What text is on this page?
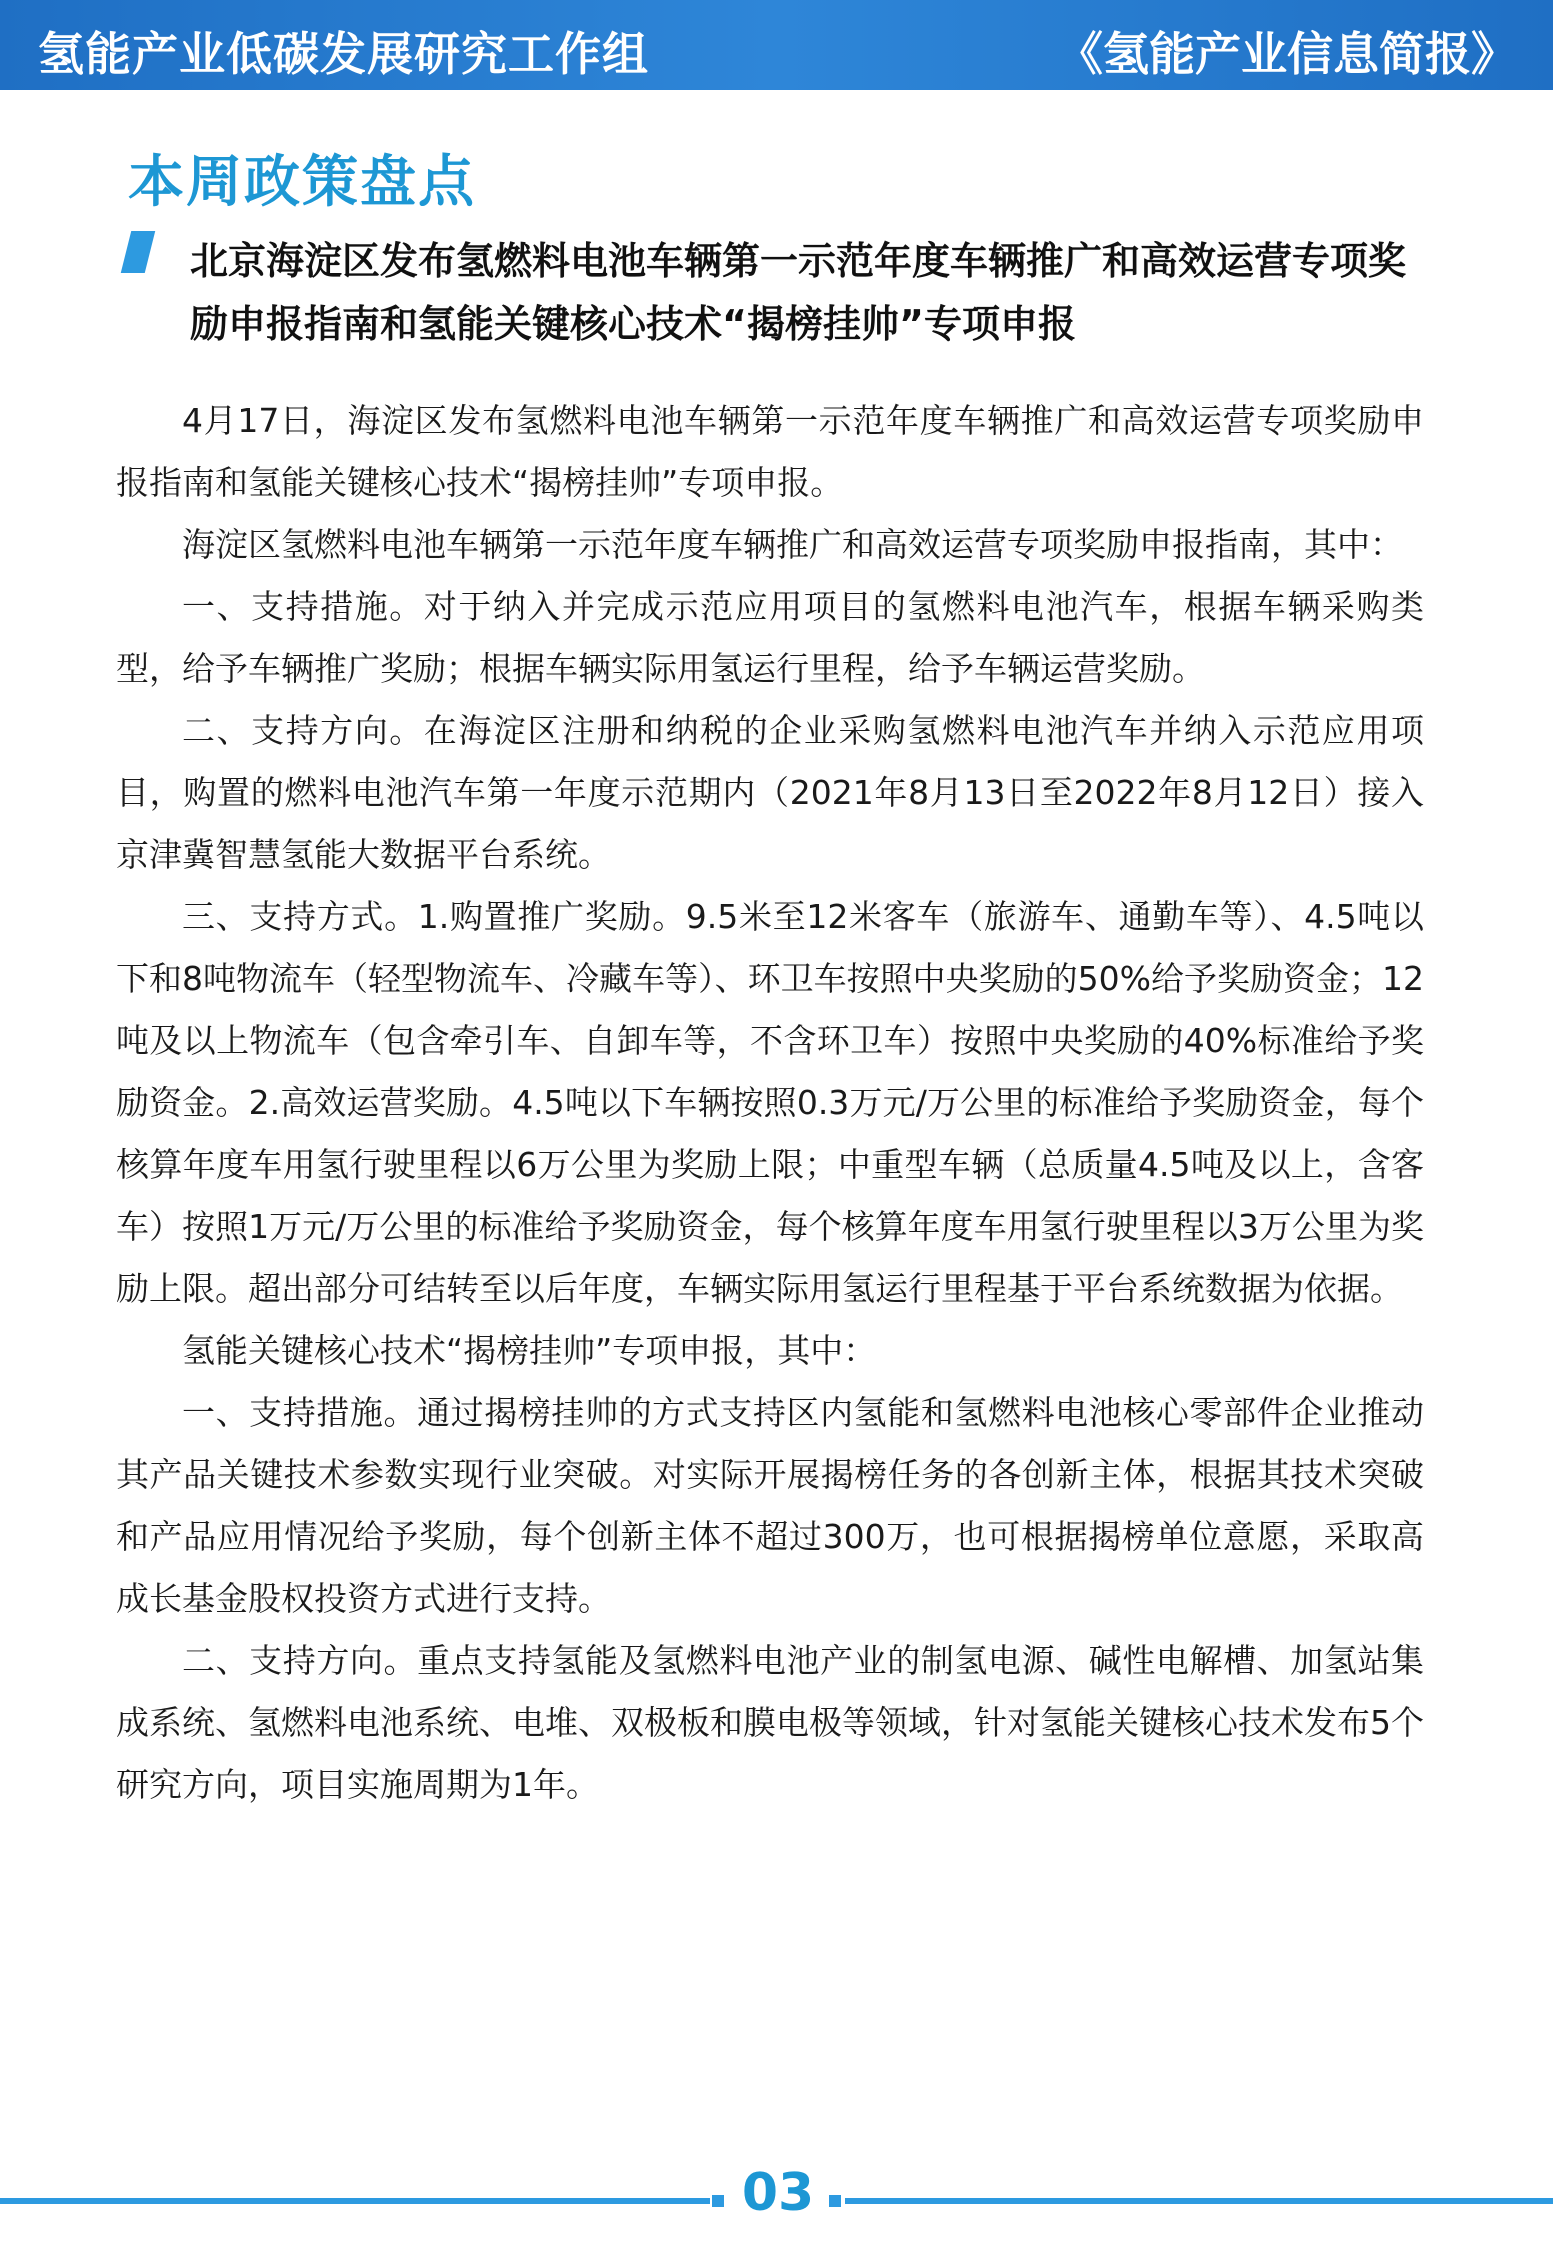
氢能产业低碳发展研究工作组	《氢能产业信息简报》
本周政策盘点
北京海淀区发布氢燃料电池车辆第一示范年度车辆推广和高效运营专项奖励申报指南和氢能关键核心技术“揭榜挂帅”专项申报

4月17日，海淀区发布氢燃料电池车辆第一示范年度车辆推广和高效运营专项奖励申报指南和氢能关键核心技术“揭榜挂帅”专项申报。

海淀区氢燃料电池车辆第一示范年度车辆推广和高效运营专项奖励申报指南，其中：

一、支持措施。对于纳入并完成示范应用项目的氢燃料电池汽车，根据车辆采购类型，给予车辆推广奖励；根据车辆实际用氢运行里程，给予车辆运营奖励。

二、支持方向。在海淀区注册和纳税的企业采购氢燃料电池汽车并纳入示范应用项目，购置的燃料电池汽车第一年度示范期内（2021年8月13日至2022年8月12日）接入京津冀智慧氢能大数据平台系统。

三、支持方式。1.购置推广奖励。9.5米至12米客车（旅游车、通勤车等）、4.5吨以下和8吨物流车（轻型物流车、冷藏车等）、环卫车按照中央奖励的50%给予奖励资金；12吨及以上物流车（包含牵引车、自卸车等，不含环卫车）按照中央奖励的40%标准给予奖励资金。2.高效运营奖励。4.5吨以下车辆按照0.3万元/万公里的标准给予奖励资金，每个核算年度车用氢行驶里程以6万公里为奖励上限；中重型车辆（总质量4.5吨及以上，含客车）按照1万元/万公里的标准给予奖励资金，每个核算年度车用氢行驶里程以3万公里为奖励上限。超出部分可结转至以后年度，车辆实际用氢运行里程基于平台系统数据为依据。

氢能关键核心技术“揭榜挂帅”专项申报，其中：

一、支持措施。通过揭榜挂帅的方式支持区内氢能和氢燃料电池核心零部件企业推动其产品关键技术参数实现行业突破。对实际开展揭榜任务的各创新主体，根据其技术突破和产品应用情况给予奖励，每个创新主体不超过300万，也可根据揭榜单位意愿，采取高成长基金股权投资方式进行支持。

二、支持方向。重点支持氢能及氢燃料电池产业的制氢电源、碱性电解槽、加氢站集成系统、氢燃料电池系统、电堆、双极板和膜电极等领域，针对氢能关键核心技术发布5个研究方向，项目实施周期为1年。

03
